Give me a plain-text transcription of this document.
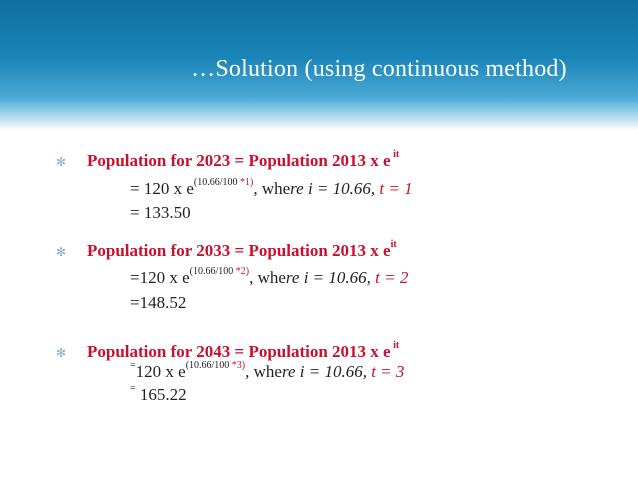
…Solution (using continuous method)
✻ Population for 2023 = Population 2013 x e $^{it}$
= 120 x $e^{(10.66/100 *1)}$, where i = 10.66, t = 1
= 133.50
✻ Population for 2033 = Population 2013 x $e^{it}$
=120 x $e^{(10.66/100 *2)}$, where i = 10.66, t = 2
=148.52
✻ Population for 2043 = Population 2013 x e $^{it}$
=120 x $e^{(10.66/100 *3)}$, where i = 10.66, t = 3
= 165.22
